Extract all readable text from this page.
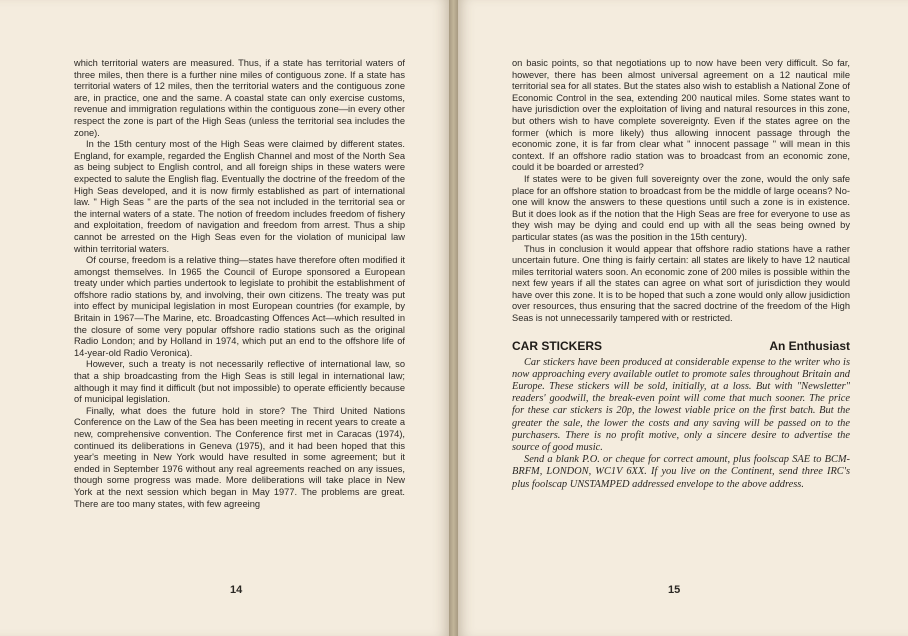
which territorial waters are measured. Thus, if a state has territorial waters of three miles, then there is a further nine miles of contiguous zone. If a state has territorial waters of 12 miles, then the territorial waters and the contiguous zone are, in practice, one and the same. A coastal state can only exercise customs, revenue and immigration regulations within the contiguous zone—in every other respect the zone is part of the High Seas (unless the territorial sea includes the zone).

In the 15th century most of the High Seas were claimed by different states. England, for example, regarded the English Channel and most of the North Sea as being subject to English control, and all foreign ships in these waters were expected to salute the English flag. Eventually the doctrine of the freedom of the High Seas developed, and it is now firmly established as part of international law. " High Seas " are the parts of the sea not included in the territorial sea or the internal waters of a state. The notion of freedom includes freedom of fishery and exploitation, freedom of navigation and freedom from arrest. Thus a ship cannot be arrested on the High Seas even for the violation of municipal law within territorial waters.

Of course, freedom is a relative thing—states have therefore often modified it amongst themselves. In 1965 the Council of Europe sponsored a European treaty under which parties undertook to legislate to prohibit the establishment of offshore radio stations by, and involving, their own citizens. The treaty was put into effect by municipal legislation in most European countries (for example, by Britain in 1967—The Marine, etc. Broadcasting Offences Act—which resulted in the closure of some very popular offshore radio stations such as the original Radio London; and by Holland in 1974, which put an end to the offshore life of 14-year-old Radio Veronica).

However, such a treaty is not necessarily reflective of international law, so that a ship broadcasting from the High Seas is still legal in international law; although it may find it difficult (but not impossible) to operate efficiently because of municipal legislation.

Finally, what does the future hold in store? The Third United Nations Conference on the Law of the Sea has been meeting in recent years to create a new, comprehensive convention. The Conference first met in Caracas (1974), continued its deliberations in Geneva (1975), and it had been hoped that this year's meeting in New York would have resulted in some agreement; but it ended in September 1976 without any real agreements reached on any issues, though some progress was made. More deliberations will take place in New York at the next session which began in May 1977. The problems are great. There are too many states, with few agreeing

on basic points, so that negotiations up to now have been very difficult. So far, however, there has been almost universal agreement on a 12 nautical mile territorial sea for all states. But the states also wish to establish a National Zone of Economic Control in the sea, extending 200 nautical miles. Some states want to have jurisdiction over the exploitation of living and natural resources in this zone, but others wish to have complete sovereignty. Even if the states agree on the former (which is more likely) thus allowing innocent passage through the economic zone, it is far from clear what " innocent passage " will mean in this context. If an offshore radio station was to broadcast from an economic zone, could it be boarded or arrested?

If states were to be given full sovereignty over the zone, would the only safe place for an offshore station to broadcast from be the middle of large oceans? No-one will know the answers to these questions until such a zone is in existence. But it does look as if the notion that the High Seas are free for everyone to use as they wish may be dying and could end up with all the seas being owned by particular states (as was the position in the 15th century).

Thus in conclusion it would appear that offshore radio stations have a rather uncertain future. One thing is fairly certain: all states are likely to have 12 nautical miles territorial waters soon. An economic zone of 200 miles is possible within the next few years if all the states can agree on what sort of jurisdiction they would have over this zone. It is to be hoped that such a zone would only allow jusidiction over resources, thus ensuring that the sacred doctrine of the freedom of the High Seas is not unnecessarily tampered with or restricted.

CAR STICKERS	An Enthusiast

Car stickers have been produced at considerable expense to the writer who is now approaching every available outlet to promote sales throughout Britain and Europe. These stickers will be sold, initially, at a loss. But with "Newsletter" readers' goodwill, the break-even point will come that much sooner. The price for these car stickers is 20p, the lowest viable price on the first batch. But the greater the sale, the lower the costs and any saving will be passed on to the purchasers. There is no profit motive, only a sincere desire to advertise the source of good music.

Send a blank P.O. or cheque for correct amount, plus foolscap SAE to BCM-BRFM, LONDON, WC1V 6XX. If you live on the Continent, send three IRC's plus foolscap UNSTAMPED addressed envelope to the above address.

14	15
